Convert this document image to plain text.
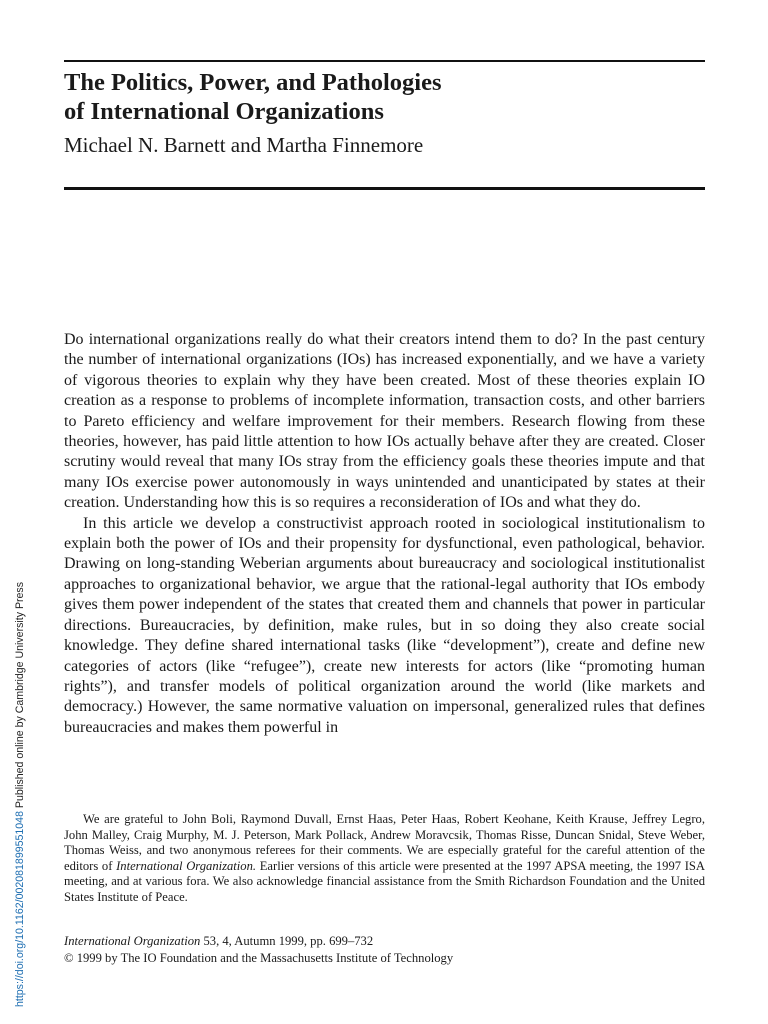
The Politics, Power, and Pathologies
of International Organizations

Michael N. Barnett and Martha Finnemore

Do international organizations really do what their creators intend them to do? In the past century the number of international organizations (IOs) has increased exponentially, and we have a variety of vigorous theories to explain why they have been created. Most of these theories explain IO creation as a response to problems of incomplete information, transaction costs, and other barriers to Pareto efficiency and welfare improvement for their members. Research flowing from these theories, however, has paid little attention to how IOs actually behave after they are created. Closer scrutiny would reveal that many IOs stray from the efficiency goals these theories impute and that many IOs exercise power autonomously in ways unintended and unanticipated by states at their creation. Understanding how this is so requires a reconsideration of IOs and what they do.

In this article we develop a constructivist approach rooted in sociological institutionalism to explain both the power of IOs and their propensity for dysfunctional, even pathological, behavior. Drawing on long-standing Weberian arguments about bureaucracy and sociological institutionalist approaches to organizational behavior, we argue that the rational-legal authority that IOs embody gives them power independent of the states that created them and channels that power in particular directions. Bureaucracies, by definition, make rules, but in so doing they also create social knowledge. They define shared international tasks (like “development”), create and define new categories of actors (like “refugee”), create new interests for actors (like “promoting human rights”), and transfer models of political organization around the world (like markets and democracy.) However, the same normative valuation on impersonal, generalized rules that defines bureaucracies and makes them powerful in

We are grateful to John Boli, Raymond Duvall, Ernst Haas, Peter Haas, Robert Keohane, Keith Krause, Jeffrey Legro, John Malley, Craig Murphy, M. J. Peterson, Mark Pollack, Andrew Moravcsik, Thomas Risse, Duncan Snidal, Steve Weber, Thomas Weiss, and two anonymous referees for their comments. We are especially grateful for the careful attention of the editors of International Organization. Earlier versions of this article were presented at the 1997 APSA meeting, the 1997 ISA meeting, and at various fora. We also acknowledge financial assistance from the Smith Richardson Foundation and the United States Institute of Peace.

International Organization 53, 4, Autumn 1999, pp. 699–732
© 1999 by The IO Foundation and the Massachusetts Institute of Technology
https://doi.org/10.1162/002081899551048 Published online by Cambridge University Press
